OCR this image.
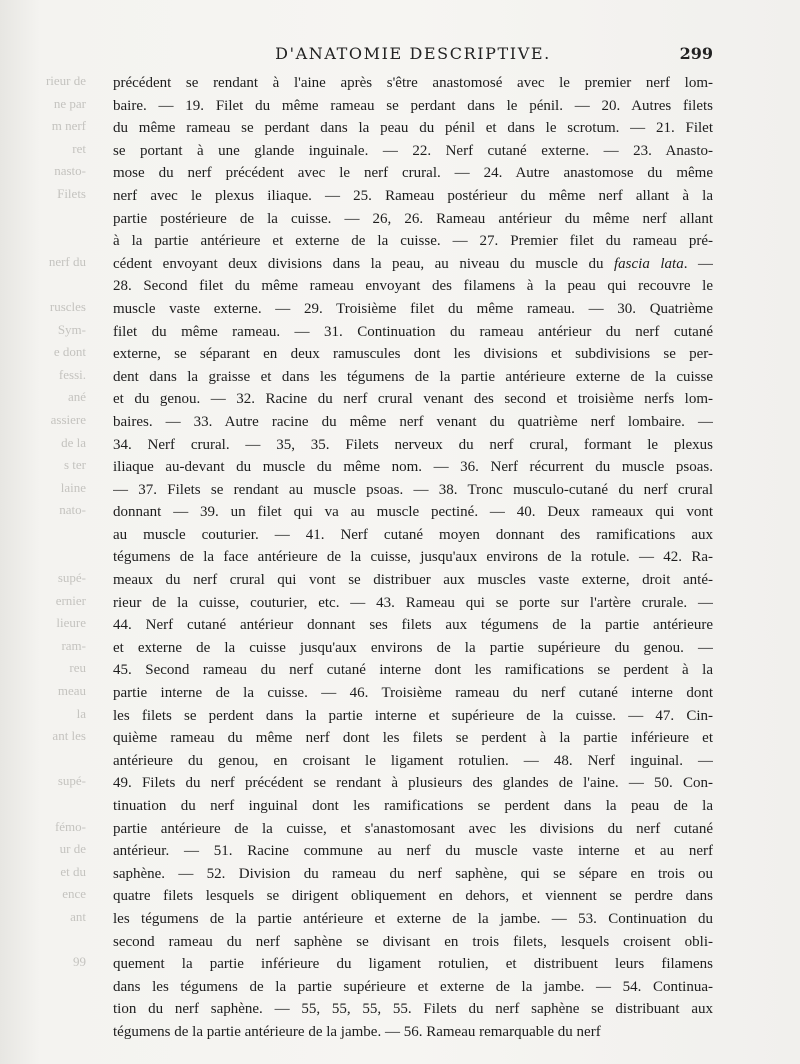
rieur de
ne par
m nerf
ret
nasto-
Filets
nerf du
ruscles
Sym-
e dont
fessi.
ané
assiere
de la
s ter
laine
nato-
supé-
ernier
lieure
ram-
reu
meau
la
ant les
supé-
fémo-
ur de
et du
ence
ant
99
D'ANATOMIE DESCRIPTIVE.	299
précédent se rendant à l'aine après s'être anastomosé avec le premier nerf lom-
baire. — 19. Filet du même rameau se perdant dans le pénil. — 20. Autres filets
du même rameau se perdant dans la peau du pénil et dans le scrotum. — 21. Filet
se portant à une glande inguinale. — 22. Nerf cutané externe. — 23. Anasto-
mose du nerf précédent avec le nerf crural. — 24. Autre anastomose du même
nerf avec le plexus iliaque. — 25. Rameau postérieur du même nerf allant à la
partie postérieure de la cuisse. — 26, 26. Rameau antérieur du même nerf allant
à la partie antérieure et externe de la cuisse. — 27. Premier filet du rameau pré-
cédent envoyant deux divisions dans la peau, au niveau du muscle du fascia lata. —
28. Second filet du même rameau envoyant des filamens à la peau qui recouvre le
muscle vaste externe. — 29. Troisième filet du même rameau. — 30. Quatrième
filet du même rameau. — 31. Continuation du rameau antérieur du nerf cutané
externe, se séparant en deux ramuscules dont les divisions et subdivisions se per-
dent dans la graisse et dans les tégumens de la partie antérieure externe de la cuisse
et du genou. — 32. Racine du nerf crural venant des second et troisième nerfs lom-
baires. — 33. Autre racine du même nerf venant du quatrième nerf lombaire. —
34. Nerf crural. — 35, 35. Filets nerveux du nerf crural, formant le plexus
iliaque au-devant du muscle du même nom. — 36. Nerf récurrent du muscle psoas.
— 37. Filets se rendant au muscle psoas. — 38. Tronc musculo-cutané du nerf crural
donnant — 39. un filet qui va au muscle pectiné. — 40. Deux rameaux qui vont
au muscle couturier. — 41. Nerf cutané moyen donnant des ramifications aux
tégumens de la face antérieure de la cuisse, jusqu'aux environs de la rotule. — 42. Ra-
meaux du nerf crural qui vont se distribuer aux muscles vaste externe, droit anté-
rieur de la cuisse, couturier, etc. — 43. Rameau qui se porte sur l'artère crurale. —
44. Nerf cutané antérieur donnant ses filets aux tégumens de la partie antérieure
et externe de la cuisse jusqu'aux environs de la partie supérieure du genou. —
45. Second rameau du nerf cutané interne dont les ramifications se perdent à la
partie interne de la cuisse. — 46. Troisième rameau du nerf cutané interne dont
les filets se perdent dans la partie interne et supérieure de la cuisse. — 47. Cin-
quième rameau du même nerf dont les filets se perdent à la partie inférieure et
antérieure du genou, en croisant le ligament rotulien. — 48. Nerf inguinal. —
49. Filets du nerf précédent se rendant à plusieurs des glandes de l'aine. — 50. Con-
tinuation du nerf inguinal dont les ramifications se perdent dans la peau de la
partie antérieure de la cuisse, et s'anastomosant avec les divisions du nerf cutané
antérieur. — 51. Racine commune au nerf du muscle vaste interne et au nerf
saphène. — 52. Division du rameau du nerf saphène, qui se sépare en trois ou
quatre filets lesquels se dirigent obliquement en dehors, et viennent se perdre dans
les tégumens de la partie antérieure et externe de la jambe. — 53. Continuation du
second rameau du nerf saphène se divisant en trois filets, lesquels croisent obli-
quement la partie inférieure du ligament rotulien, et distribuent leurs filamens
dans les tégumens de la partie supérieure et externe de la jambe. — 54. Continua-
tion du nerf saphène. — 55, 55, 55, 55. Filets du nerf saphène se distribuant aux
tégumens de la partie antérieure de la jambe. — 56. Rameau remarquable du nerf
